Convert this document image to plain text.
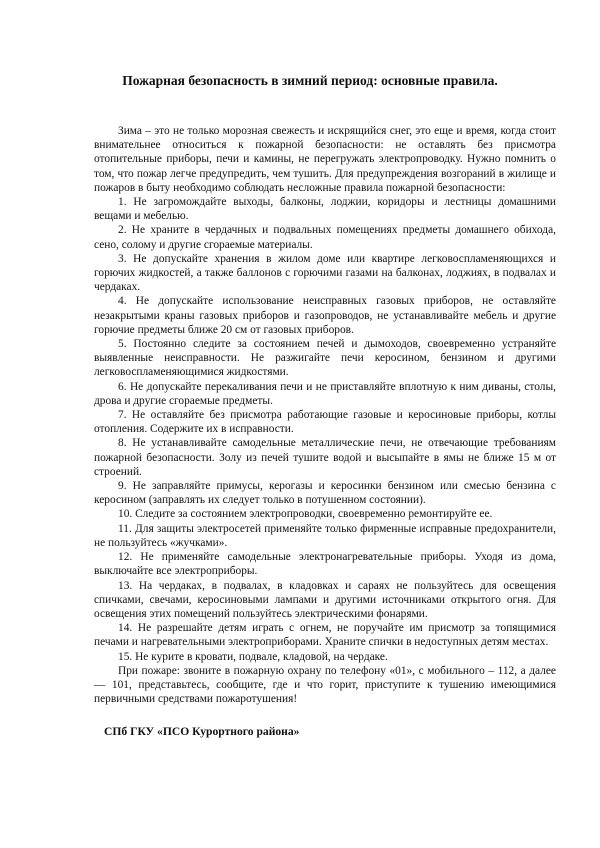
Пожарная безопасность в зимний период: основные правила.

Зима – это не только морозная свежесть и искрящийся снег, это еще и время, когда стоит внимательнее относиться к пожарной безопасности: не оставлять без присмотра отопительные приборы, печи и камины, не перегружать электропроводку. Нужно помнить о том, что пожар легче предупредить, чем тушить. Для предупреждения возгораний в жилище и пожаров в быту необходимо соблюдать несложные правила пожарной безопасности:

1. Не загромождайте выходы, балконы, лоджии, коридоры и лестницы домашними вещами и мебелью.

2. Не храните в чердачных и подвальных помещениях предметы домашнего обихода, сено, солому и другие сгораемые материалы.

3. Не допускайте хранения в жилом доме или квартире легковоспламеняющихся и горючих жидкостей, а также баллонов с горючими газами на балконах, лоджиях, в подвалах и чердаках.

4. Не допускайте использование неисправных газовых приборов, не оставляйте незакрытыми краны газовых приборов и газопроводов, не устанавливайте мебель и другие горючие предметы ближе 20 см от газовых приборов.

5. Постоянно следите за состоянием печей и дымоходов, своевременно устраняйте выявленные неисправности. Не разжигайте печи керосином, бензином и другими легковоспламеняющимися жидкостями.

6. Не допускайте перекаливания печи и не приставляйте вплотную к ним диваны, столы, дрова и другие сгораемые предметы.

7. Не оставляйте без присмотра работающие газовые и керосиновые приборы, котлы отопления. Содержите их в исправности.

8. Не устанавливайте самодельные металлические печи, не отвечающие требованиям пожарной безопасности. Золу из печей тушите водой и высыпайте в ямы не ближе 15 м от строений.

9. Не заправляйте примусы, керогазы и керосинки бензином или смесью бензина с керосином (заправлять их следует только в потушенном состоянии).

10. Следите за состоянием электропроводки, своевременно ремонтируйте ее.

11. Для защиты электросетей применяйте только фирменные исправные предохранители, не пользуйтесь «жучками».

12. Не применяйте самодельные электронагревательные приборы. Уходя из дома, выключайте все электроприборы.

13. На чердаках, в подвалах, в кладовках и сараях не пользуйтесь для освещения спичками, свечами, керосиновыми лампами и другими источниками открытого огня. Для освещения этих помещений пользуйтесь электрическими фонарями.

14. Не разрешайте детям играть с огнем, не поручайте им присмотр за топящимися печами и нагревательными электроприборами. Храните спички в недоступных детям местах.

15. Не курите в кровати, подвале, кладовой, на чердаке.

При пожаре: звоните в пожарную охрану по телефону «01», с мобильного – 112, а далее — 101, представьтесь, сообщите, где и что горит, приступите к тушению имеющимися первичными средствами пожаротушения!

СПб ГКУ «ПСО Курортного района»
